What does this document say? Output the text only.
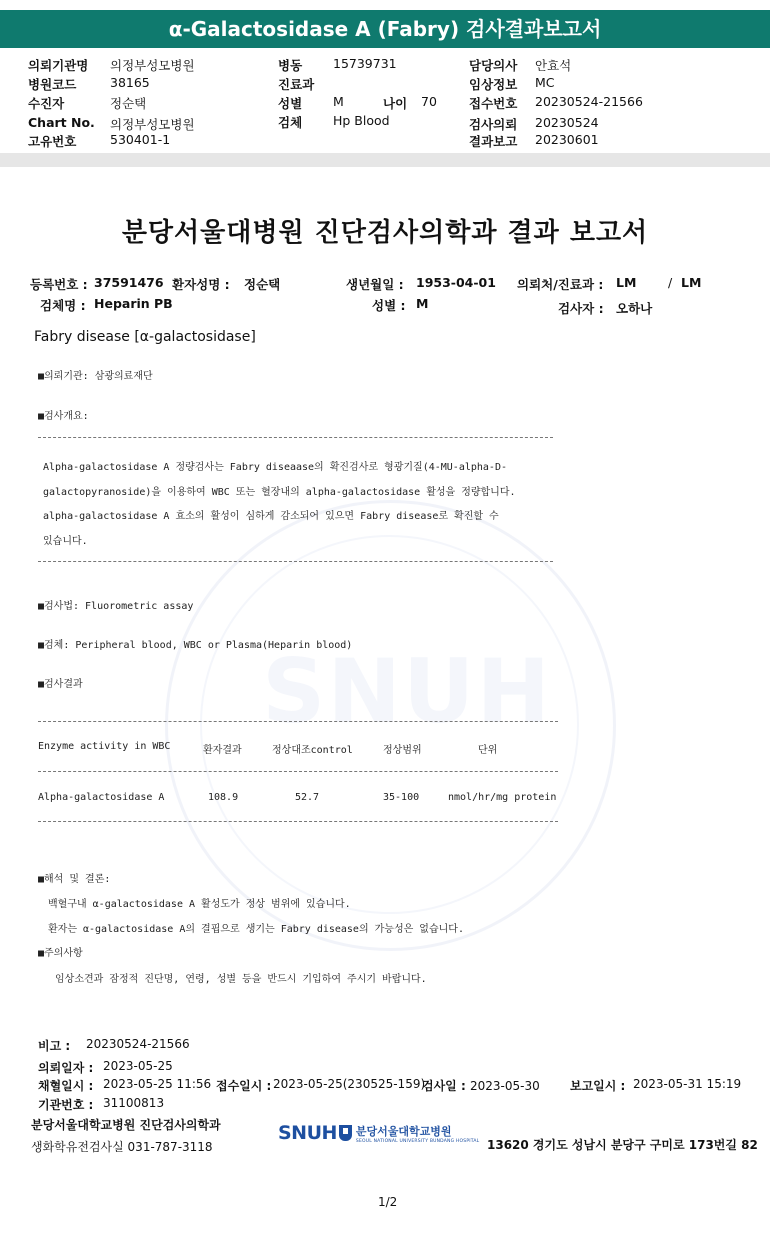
SNUH
α-Galactosidase A (Fabry) 검사결과보고서
의뢰기관명 의정부성모병원
병원코드	38165
수진자	정순택
Chart No. 의정부성모병원
고유번호	530401-1
병동 15739731
진료과
성별 M	나이 70
검체 Hp Blood
담당의사 안효석
임상정보 MC
접수번호 20230524-21566
검사의뢰 20230524
결과보고 20230601
분당서울대병원 진단검사의학과 결과 보고서
등록번호 : 37591476 환자성명 : 정순택	생년월일 : 1953-04-01 의뢰처/진료과 : LM	/ LM
검체명 : Heparin PB	성별 : M	검사자 : 오하나
Fabry disease [α-galactosidase]
■의뢰기관: 삼광의료재단
■검사개요:
Alpha-galactosidase A 정량검사는 Fabry diseaase의 확진검사로 형광기질(4-MU-alpha-D-
galactopyranoside)을 이용하여 WBC 또는 혈장내의 alpha-galactosidase 활성을 정량합니다.
alpha-galactosidase A 효소의 활성이 심하게 감소되어 있으면 Fabry disease로 확진할 수
있습니다.
■검사법: Fluorometric assay
■검체: Peripheral blood, WBC or Plasma(Heparin blood)
■검사결과
Enzyme activity in WBC	환자결과	정상대조control	정상범위	단위
Alpha-galactosidase A	108.9	52.7	35-100	nmol/hr/mg protein
■해석 및 결론:
백혈구내 α-galactosidase A 활성도가 정상 범위에 있습니다.
환자는 α-galactosidase A의 결핍으로 생기는 Fabry disease의 가능성은 없습니다.
■주의사항
임상소견과 잠정적 진단명, 연령, 성별 등을 반드시 기입하여 주시기 바랍니다.
비고 : 20230524-21566
의뢰일자 : 2023-05-25
채혈일시 : 2023-05-25 11:56 접수일시 : 2023-05-25(230525-159)
검사일 : 2023-05-30	보고일시 : 2023-05-31 15:19
기관번호 : 31100813
분당서울대학교병원 진단검사의학과
생화학유전검사실 031-787-3118
SNUH 분당서울대학교병원
SEOUL NATIONAL UNIVERSITY BUNDANG HOSPITAL 13620 경기도 성남시 분당구 구미로 173번길 82
1/2
